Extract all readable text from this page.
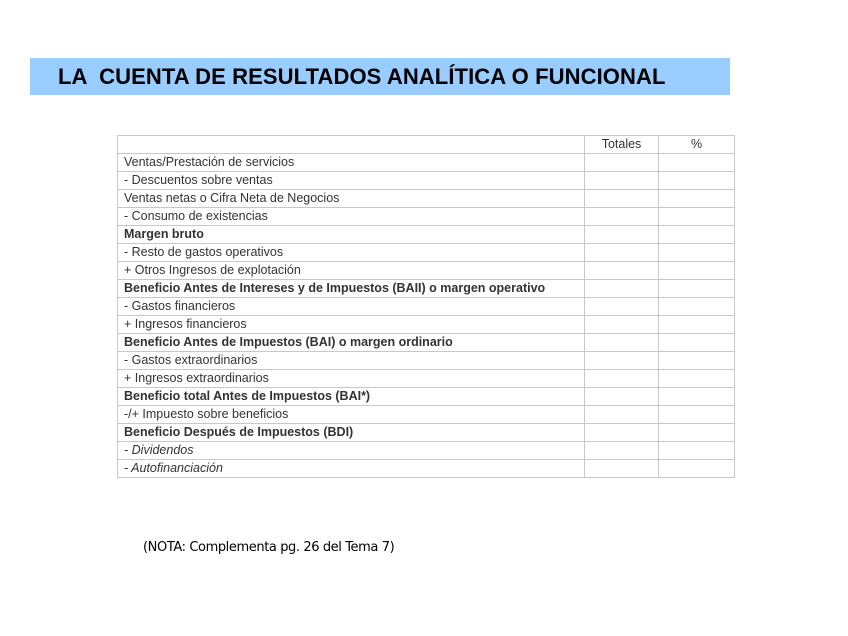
LA  CUENTA DE RESULTADOS ANALÍTICA O FUNCIONAL
	Totales	%
Ventas/Prestación de servicios		
- Descuentos sobre ventas		
Ventas netas o Cifra Neta de Negocios		
- Consumo de existencias		
Margen bruto		
- Resto de gastos operativos		
+ Otros Ingresos de explotación		
Beneficio Antes de Intereses y de Impuestos (BAII) o margen operativo		
- Gastos financieros		
+ Ingresos financieros		
Beneficio Antes de Impuestos (BAI) o margen ordinario		
- Gastos extraordinarios		
+ Ingresos extraordinarios		
Beneficio total Antes de Impuestos (BAI*)		
-/+ Impuesto sobre beneficios		
Beneficio Después de Impuestos (BDI)		
- Dividendos		
- Autofinanciación		
(NOTA: Complementa pg. 26 del Tema 7)
